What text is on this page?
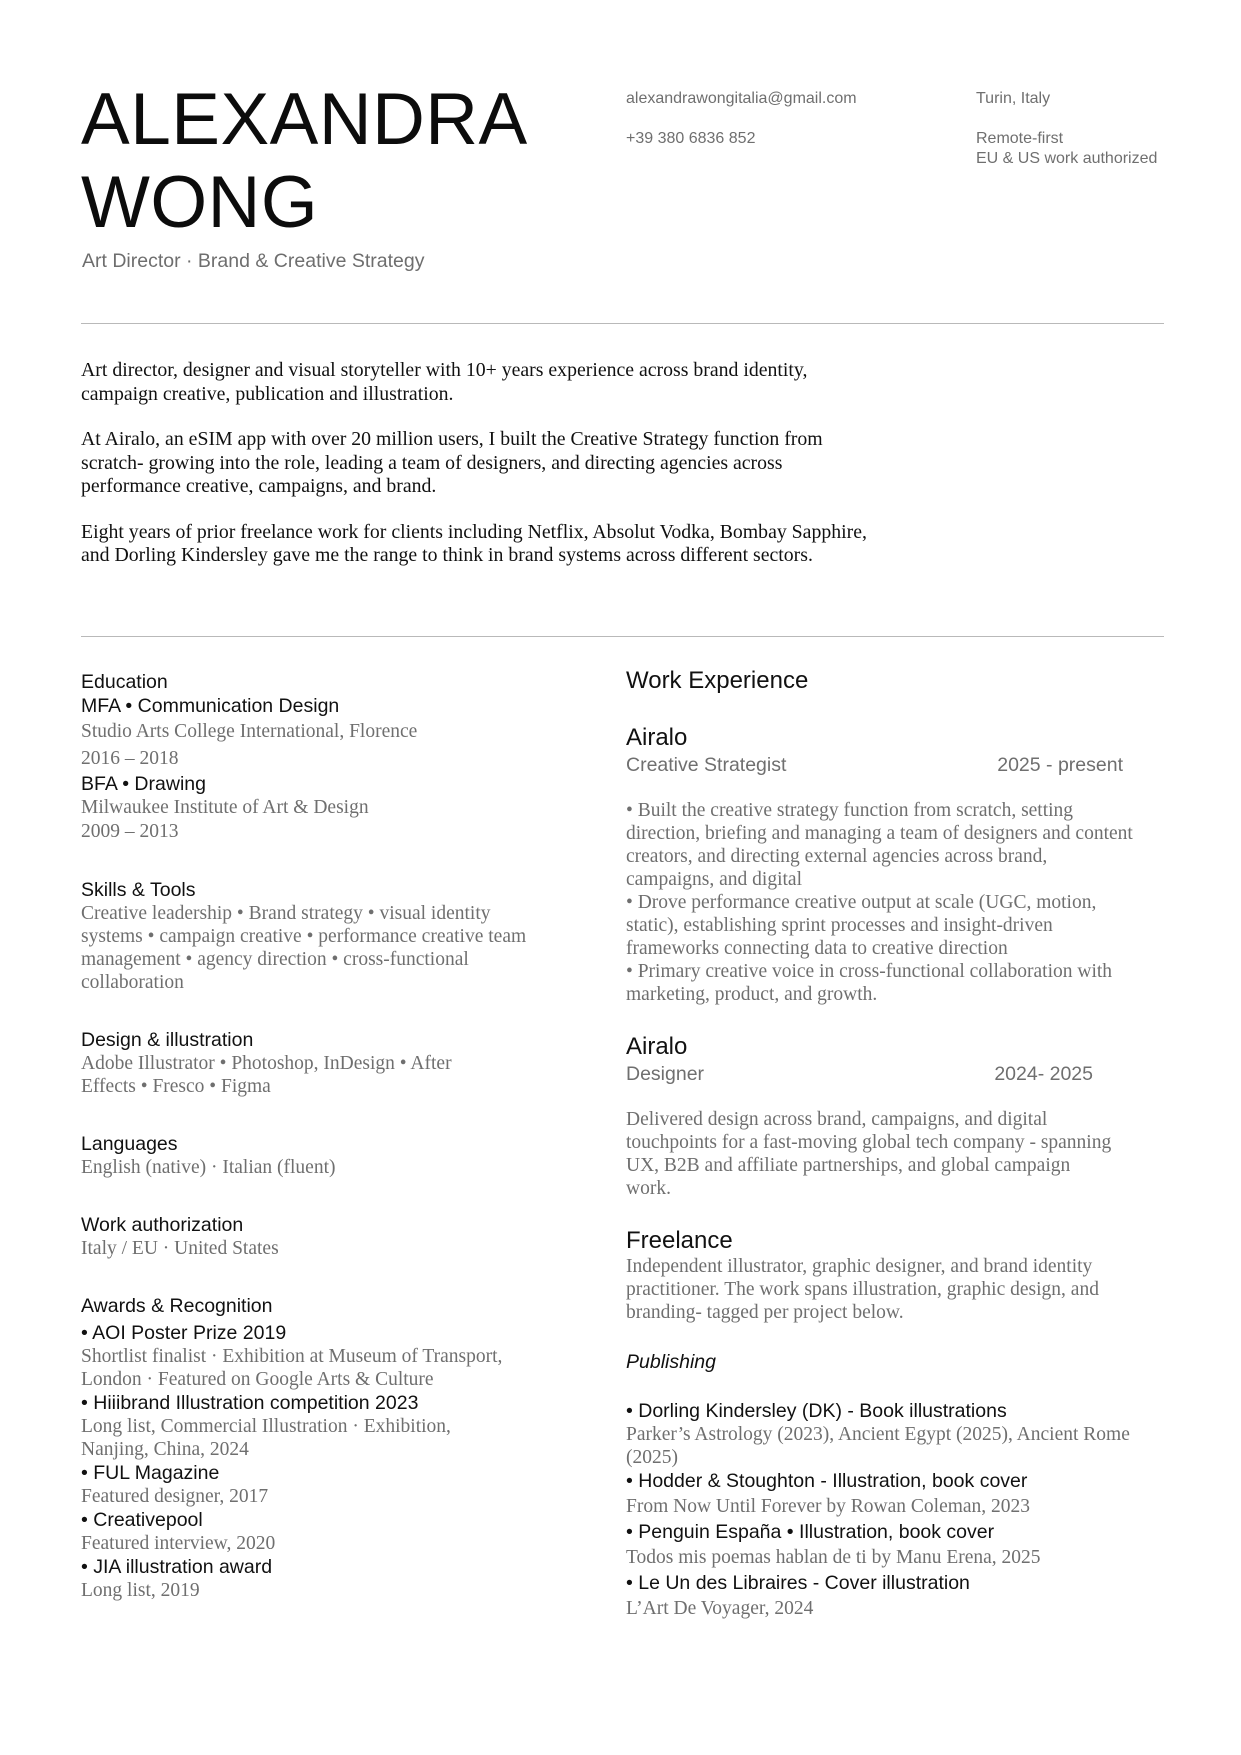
ALEXANDRA
WONG
Art Director · Brand & Creative Strategy
alexandrawongitalia@gmail.com
+39 380 6836 852
Turin, Italy
Remote-first
EU & US work authorized

Art director, designer and visual storyteller with 10+ years experience across brand identity, campaign creative, publication and illustration.

At Airalo, an eSIM app with over 20 million users, I built the Creative Strategy function from scratch- growing into the role, leading a team of designers, and directing agencies across performance creative, campaigns, and brand.

Eight years of prior freelance work for clients including Netflix, Absolut Vodka, Bombay Sapphire, and Dorling Kindersley gave me the range to think in brand systems across different sectors.

Education
MFA • Communication Design
Studio Arts College International, Florence
2016 – 2018
BFA • Drawing
Milwaukee Institute of Art & Design
2009 – 2013
Skills & Tools
Creative leadership • Brand strategy • visual identity systems • campaign creative • performance creative team management • agency direction • cross-functional collaboration
Design & illustration
Adobe Illustrator • Photoshop, InDesign • After Effects • Fresco • Figma
Languages
English (native) · Italian (fluent)
Work authorization
Italy / EU · United States
Awards & Recognition
• AOI Poster Prize 2019
Shortlist finalist · Exhibition at Museum of Transport, London · Featured on Google Arts & Culture
• Hiiibrand Illustration competition 2023
Long list, Commercial Illustration · Exhibition, Nanjing, China, 2024
• FUL Magazine
Featured designer, 2017
• Creativepool
Featured interview, 2020
• JIA illustration award
Long list, 2019
Work Experience
Airalo
Creative Strategist	2025 - present
• Built the creative strategy function from scratch, setting direction, briefing and managing a team of designers and content creators, and directing external agencies across brand, campaigns, and digital
• Drove performance creative output at scale (UGC, motion, static), establishing sprint processes and insight-driven frameworks connecting data to creative direction
• Primary creative voice in cross-functional collaboration with marketing, product, and growth.
Airalo
Designer	2024- 2025
Delivered design across brand, campaigns, and digital touchpoints for a fast-moving global tech company - spanning UX, B2B and affiliate partnerships, and global campaign work.
Freelance
Independent illustrator, graphic designer, and brand identity practitioner. The work spans illustration, graphic design, and branding- tagged per project below.
Publishing
• Dorling Kindersley (DK) - Book illustrations
Parker’s Astrology (2023), Ancient Egypt (2025), Ancient Rome (2025)
• Hodder & Stoughton - Illustration, book cover
From Now Until Forever by Rowan Coleman, 2023
• Penguin España • Illustration, book cover
Todos mis poemas hablan de ti by Manu Erena, 2025
• Le Un des Libraires - Cover illustration
L’Art De Voyager, 2024
